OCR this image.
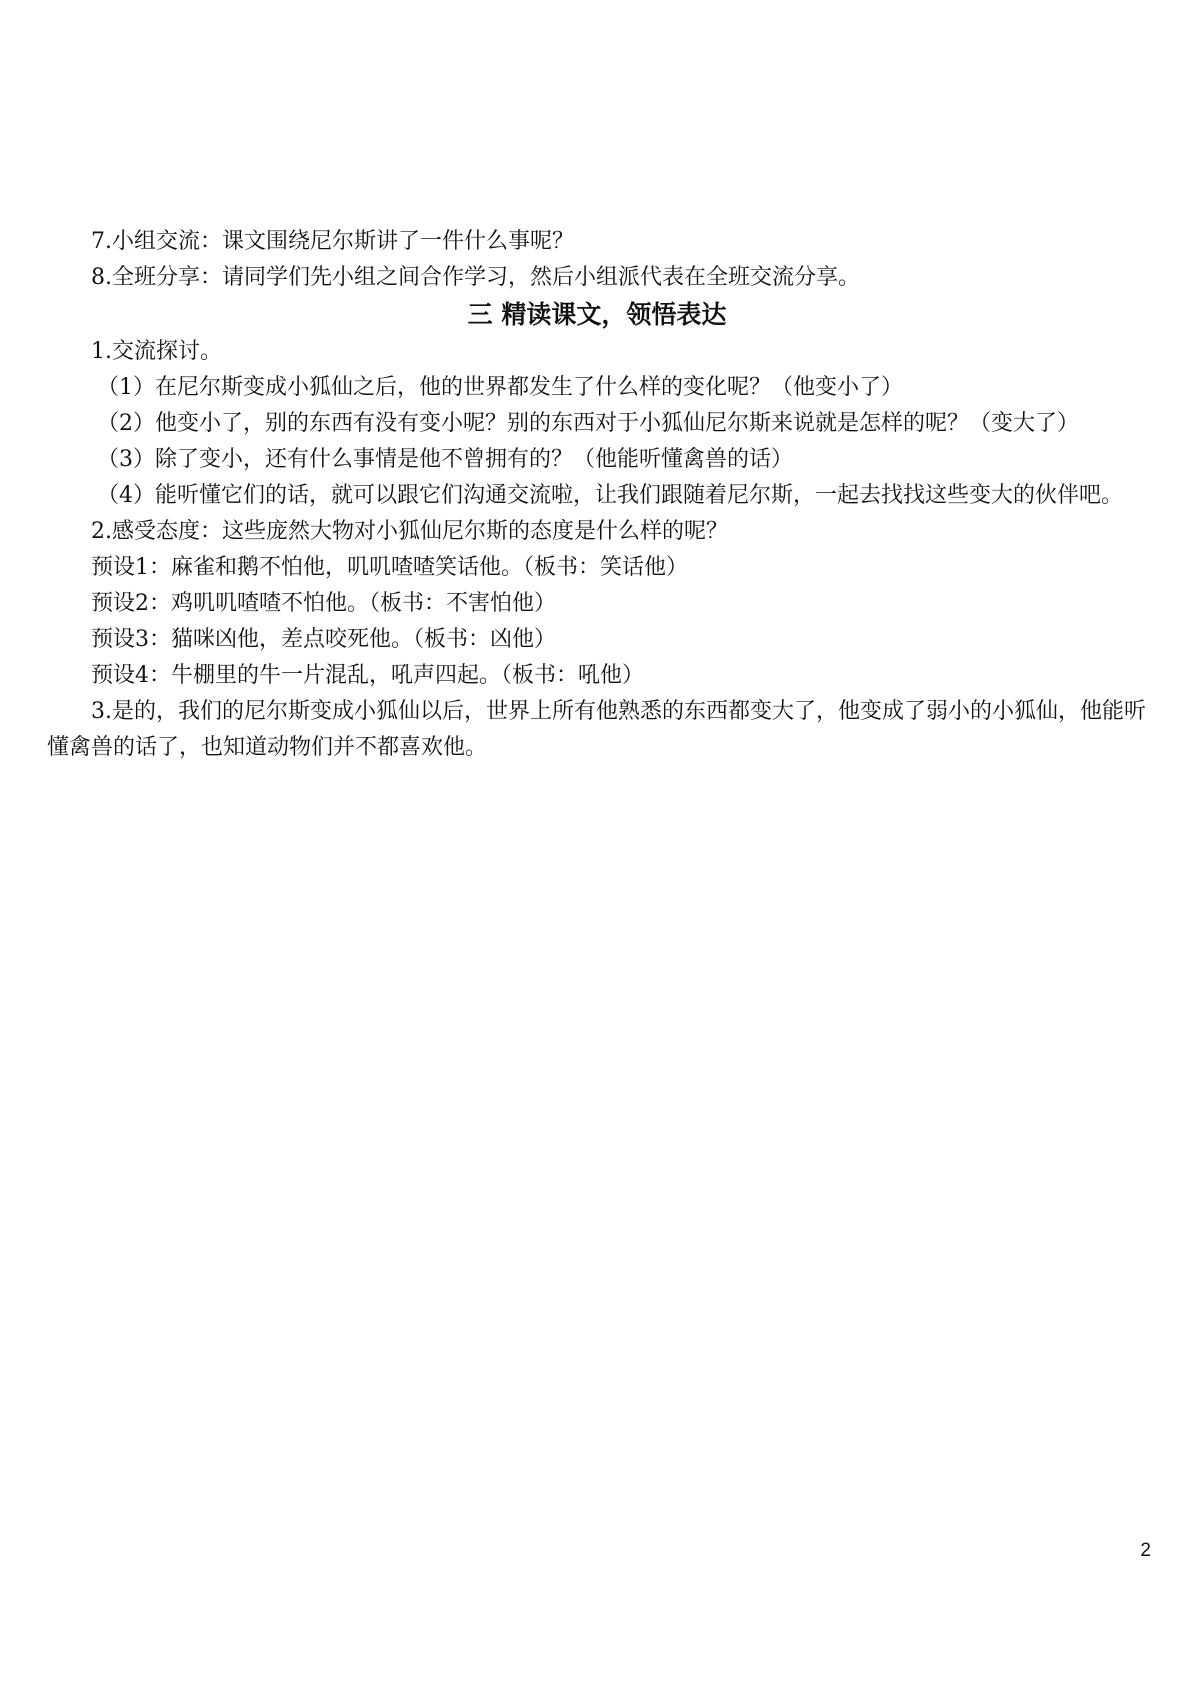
7.小组交流：课文围绕尼尔斯讲了一件什么事呢？

8.全班分享：请同学们先小组之间合作学习，然后小组派代表在全班交流分享。

三 精读课文，领悟表达

1.交流探讨。

（1）在尼尔斯变成小狐仙之后，他的世界都发生了什么样的变化呢？（他变小了）

（2）他变小了，别的东西有没有变小呢？别的东西对于小狐仙尼尔斯来说就是怎样的呢？（变大了）

（3）除了变小，还有什么事情是他不曾拥有的？（他能听懂禽兽的话）

（4）能听懂它们的话，就可以跟它们沟通交流啦，让我们跟随着尼尔斯，一起去找找这些变大的伙伴吧。

2.感受态度：这些庞然大物对小狐仙尼尔斯的态度是什么样的呢？

预设1：麻雀和鹅不怕他，叽叽喳喳笑话他。（板书：笑话他）

预设2：鸡叽叽喳喳不怕他。（板书：不害怕他）

预设3：猫咪凶他，差点咬死他。（板书：凶他）

预设4：牛棚里的牛一片混乱，吼声四起。（板书：吼他）

3.是的，我们的尼尔斯变成小狐仙以后，世界上所有他熟悉的东西都变大了，他变成了弱小的小狐仙，他能听懂禽兽的话了，也知道动物们并不都喜欢他。

2
